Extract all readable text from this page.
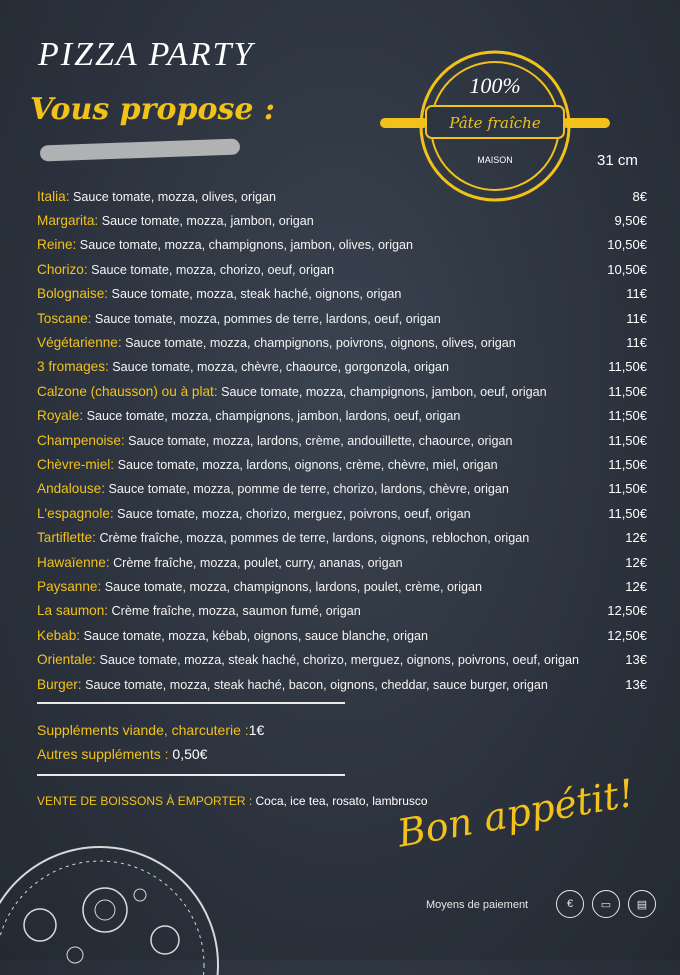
PIZZA PARTY
Vous propose :
100%
Pâte fraîche
MAISON	31 cm
Italia: Sauce tomate, mozza, olives, origan	8€
Margarita: Sauce tomate, mozza, jambon, origan	9,50€
Reine: Sauce tomate, mozza, champignons, jambon, olives, origan	10,50€
Chorizo: Sauce tomate, mozza, chorizo, oeuf, origan	10,50€
Bolognaise: Sauce tomate, mozza, steak haché, oignons, origan	11€
Toscane: Sauce tomate, mozza, pommes de terre, lardons, oeuf, origan	11€
Végétarienne: Sauce tomate, mozza, champignons, poivrons, oignons, olives, origan	11€
3 fromages: Sauce tomate, mozza, chèvre, chaource, gorgonzola, origan	11,50€
Calzone (chausson) ou à plat: Sauce tomate, mozza, champignons, jambon, oeuf, origan	11,50€
Royale: Sauce tomate, mozza, champignons, jambon, lardons, oeuf, origan	11;50€
Champenoise: Sauce tomate, mozza, lardons, crème, andouillette, chaource, origan	11,50€
Chèvre-miel: Sauce tomate, mozza, lardons, oignons, crème, chèvre, miel, origan	11,50€
Andalouse: Sauce tomate, mozza, pomme de terre, chorizo, lardons, chèvre, origan	11,50€
L'espagnole: Sauce tomate, mozza, chorizo, merguez, poivrons, oeuf, origan	11,50€
Tartiflette: Crème fraîche, mozza, pommes de terre, lardons, oignons, reblochon, origan	12€
Hawaïenne: Crème fraîche, mozza, poulet, curry, ananas, origan	12€
Paysanne: Sauce tomate, mozza, champignons, lardons, poulet, crème, origan	12€
La saumon: Crème fraîche, mozza, saumon fumé, origan	12,50€
Kebab: Sauce tomate, mozza, kébab, oignons, sauce blanche, origan	12,50€
Orientale: Sauce tomate, mozza, steak haché, chorizo, merguez, oignons, poivrons, oeuf, origan	13€
Burger: Sauce tomate, mozza, steak haché, bacon, oignons, cheddar, sauce burger, origan	13€
Suppléments viande, charcuterie :1€
Autres suppléments : 0,50€
VENTE DE BOISSONS À EMPORTER : Coca, ice tea, rosato, lambrusco
Bon appétit!
Moyens de paiement	€	▭	▤
